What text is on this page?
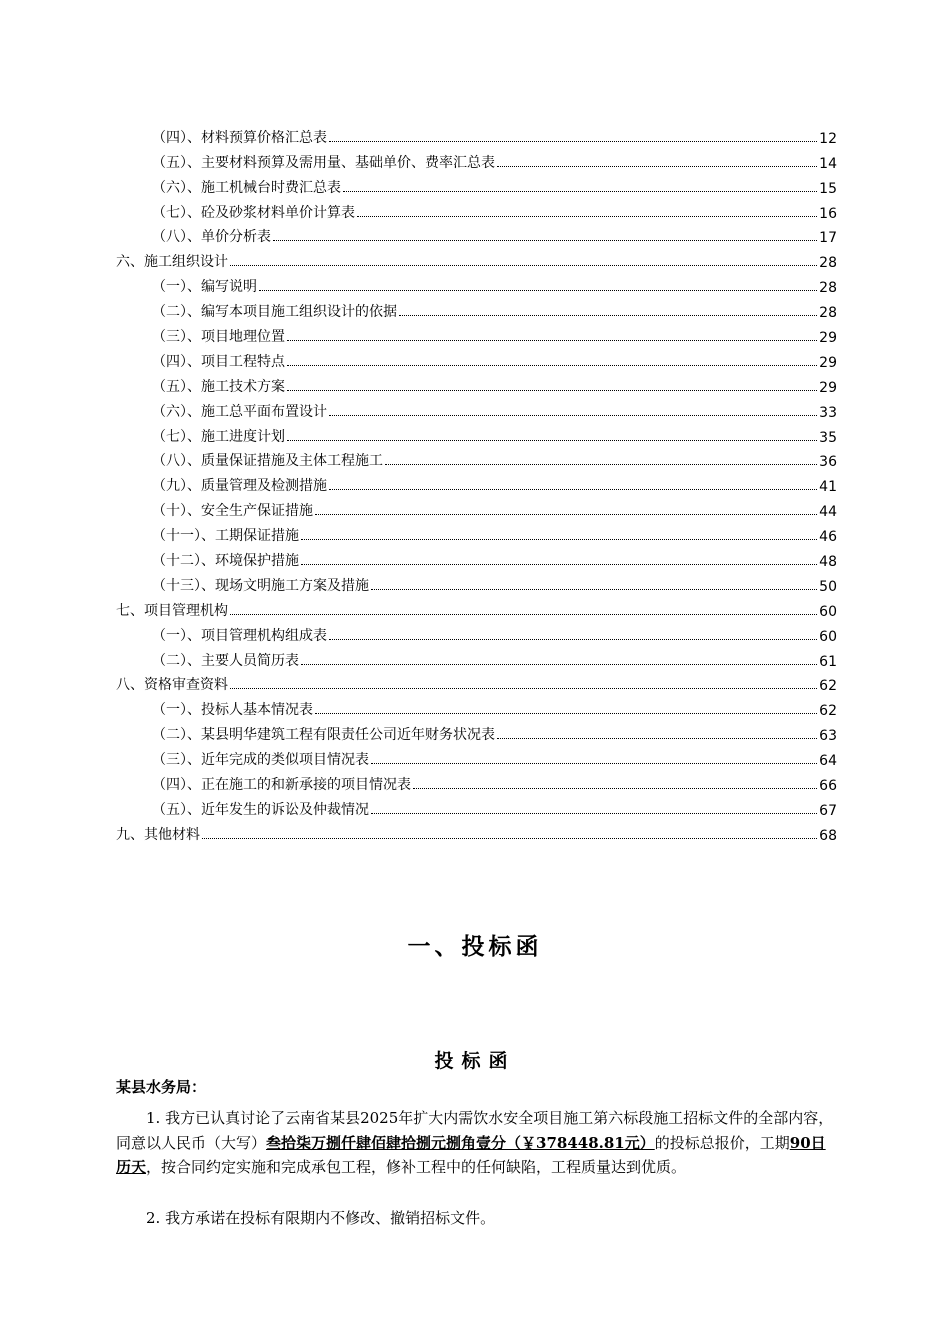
（四）、材料预算价格汇总表	12
（五）、主要材料预算及需用量、基础单价、费率汇总表	14
（六）、施工机械台时费汇总表	15
（七）、砼及砂浆材料单价计算表	16
（八）、单价分析表	17
六、施工组织设计	28
（一）、编写说明	28
（二）、编写本项目施工组织设计的依据	28
（三）、项目地理位置	29
（四）、项目工程特点	29
（五）、施工技术方案	29
（六）、施工总平面布置设计	33
（七）、施工进度计划	35
（八）、质量保证措施及主体工程施工	36
（九）、质量管理及检测措施	41
（十）、安全生产保证措施	44
（十一）、工期保证措施	46
（十二）、环境保护措施	48
（十三）、现场文明施工方案及措施	50
七、项目管理机构	60
（一）、项目管理机构组成表	60
（二）、主要人员简历表	61
八、资格审查资料	62
（一）、投标人基本情况表	62
（二）、某县明华建筑工程有限责任公司近年财务状况表	63
（三）、近年完成的类似项目情况表	64
（四）、正在施工的和新承接的项目情况表	66
（五）、近年发生的诉讼及仲裁情况	67
九、其他材料	68
一、投标函
投标函
某县水务局：
1. 我方已认真讨论了云南省某县2025年扩大内需饮水安全项目施工第六标段施工招标文件的全部内容，同意以人民币（大写）叁拾柒万捌仟肆佰肆拾捌元捌角壹分（￥378448.81元）的投标总报价，工期90日历天，按合同约定实施和完成承包工程，修补工程中的任何缺陷，工程质量达到优质。
2. 我方承诺在投标有限期内不修改、撤销招标文件。
